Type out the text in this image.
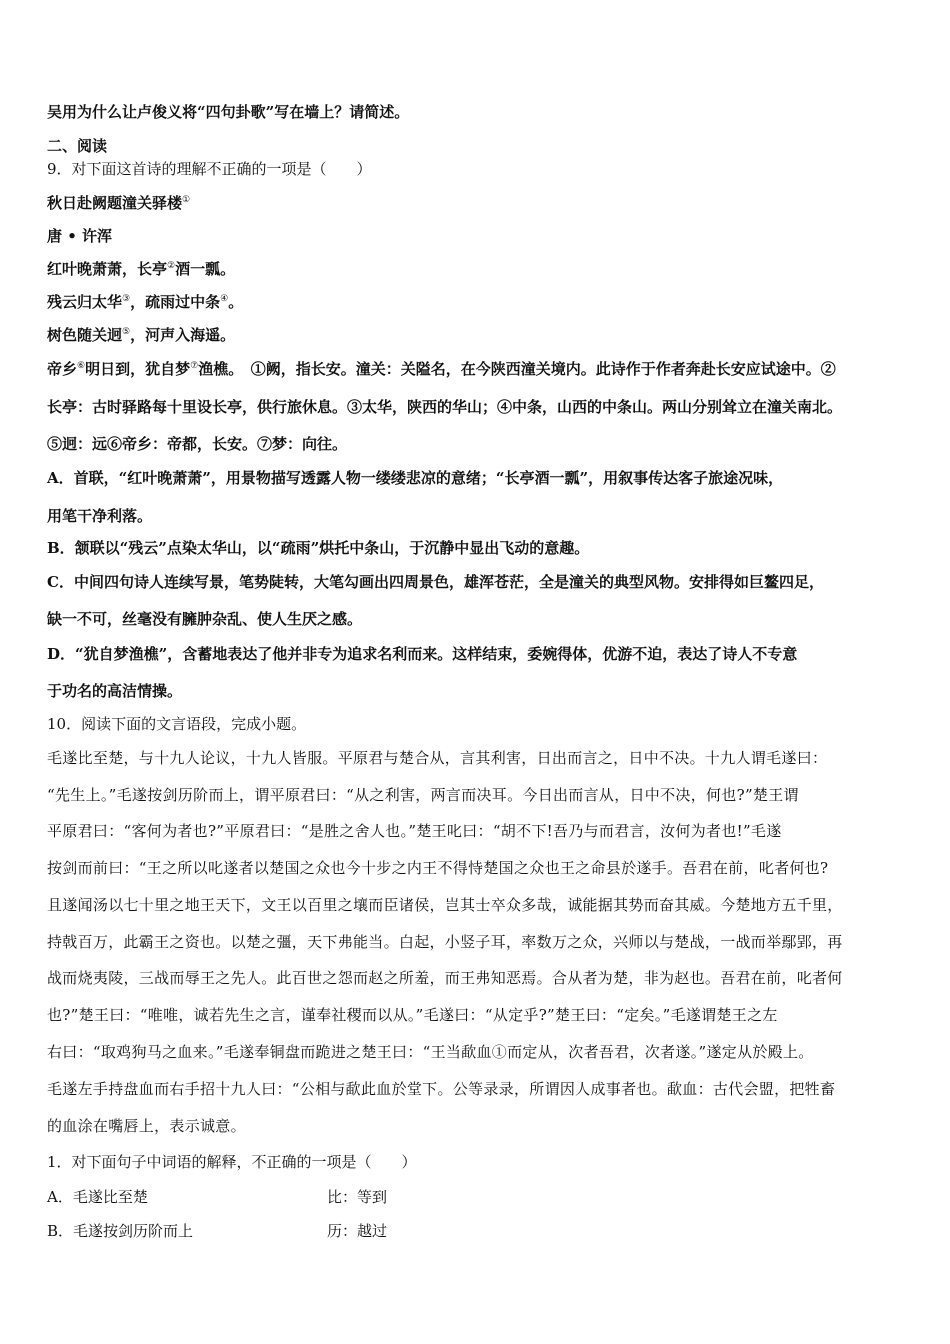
吴用为什么让卢俊义将“四句卦歌”写在墙上？请简述。
二、阅读
9．对下面这首诗的理解不正确的一项是（　　）
秋日赴阙题潼关驿楼①
唐 • 许浑
红叶晚萧萧，长亭②酒一瓢。
残云归太华③，疏雨过中条④。
树色随关迥⑤，河声入海遥。
帝乡⑥明日到，犹自梦⑦渔樵。  ①阙，指长安。潼关：关隘名，在今陕西潼关境内。此诗作于作者奔赴长安应试途中。②
长亭：古时驿路每十里设长亭，供行旅休息。③太华，陕西的华山；④中条，山西的中条山。两山分别耸立在潼关南北。
⑤迥：远⑥帝乡：帝都，长安。⑦梦：向往。
A．首联，“红叶晚萧萧”，用景物描写透露人物一缕缕悲凉的意绪；“长亭酒一瓢”，用叙事传达客子旅途况味，
用笔干净利落。
B．颔联以“残云”点染太华山，以“疏雨”烘托中条山，于沉静中显出飞动的意趣。
C．中间四句诗人连续写景，笔势陡转，大笔勾画出四周景色，雄浑苍茫，全是潼关的典型风物。安排得如巨鳌四足，
缺一不可，丝毫没有臃肿杂乱、使人生厌之感。
D．“犹自梦渔樵”，含蓄地表达了他并非专为追求名利而来。这样结束，委婉得体，优游不迫，表达了诗人不专意
于功名的高洁情操。
10．阅读下面的文言语段，完成小题。
毛遂比至楚，与十九人论议，十九人皆服。平原君与楚合从，言其利害，日出而言之，日中不决。十九人谓毛遂曰：
“先生上。”毛遂按剑历阶而上，谓平原君曰：“从之利害，两言而决耳。今日出而言从，日中不决，何也?”楚王谓
平原君曰：“客何为者也?”平原君曰：“是胜之舍人也。”楚王叱曰：“胡不下!吾乃与而君言，汝何为者也!”毛遂
按剑而前曰：“王之所以叱遂者以楚国之众也今十步之内王不得恃楚国之众也王之命县於遂手。吾君在前，叱者何也?
且遂闻汤以七十里之地王天下，文王以百里之壤而臣诸侯，岂其士卒众多哉，诚能据其势而奋其威。今楚地方五千里，
持戟百万，此霸王之资也。以楚之彊，天下弗能当。白起，小竖子耳，率数万之众，兴师以与楚战，一战而举鄢郢，再
战而烧夷陵，三战而辱王之先人。此百世之怨而赵之所羞，而王弗知恶焉。合从者为楚，非为赵也。吾君在前，叱者何
也?”楚王曰：“唯唯，诚若先生之言，谨奉社稷而以从。”毛遂曰：“从定乎?”楚王曰：“定矣。”毛遂谓楚王之左
右曰：“取鸡狗马之血来。”毛遂奉铜盘而跪进之楚王曰：“王当歃血①而定从，次者吾君，次者遂。”遂定从於殿上。
毛遂左手持盘血而右手招十九人曰：“公相与歃此血於堂下。公等录录，所谓因人成事者也。歃血：古代会盟，把牲畜
的血涂在嘴唇上，表示诚意。
1．对下面句子中词语的解释，不正确的一项是（　　）
A．毛遂比至楚	比：等到
B．毛遂按剑历阶而上	历：越过
